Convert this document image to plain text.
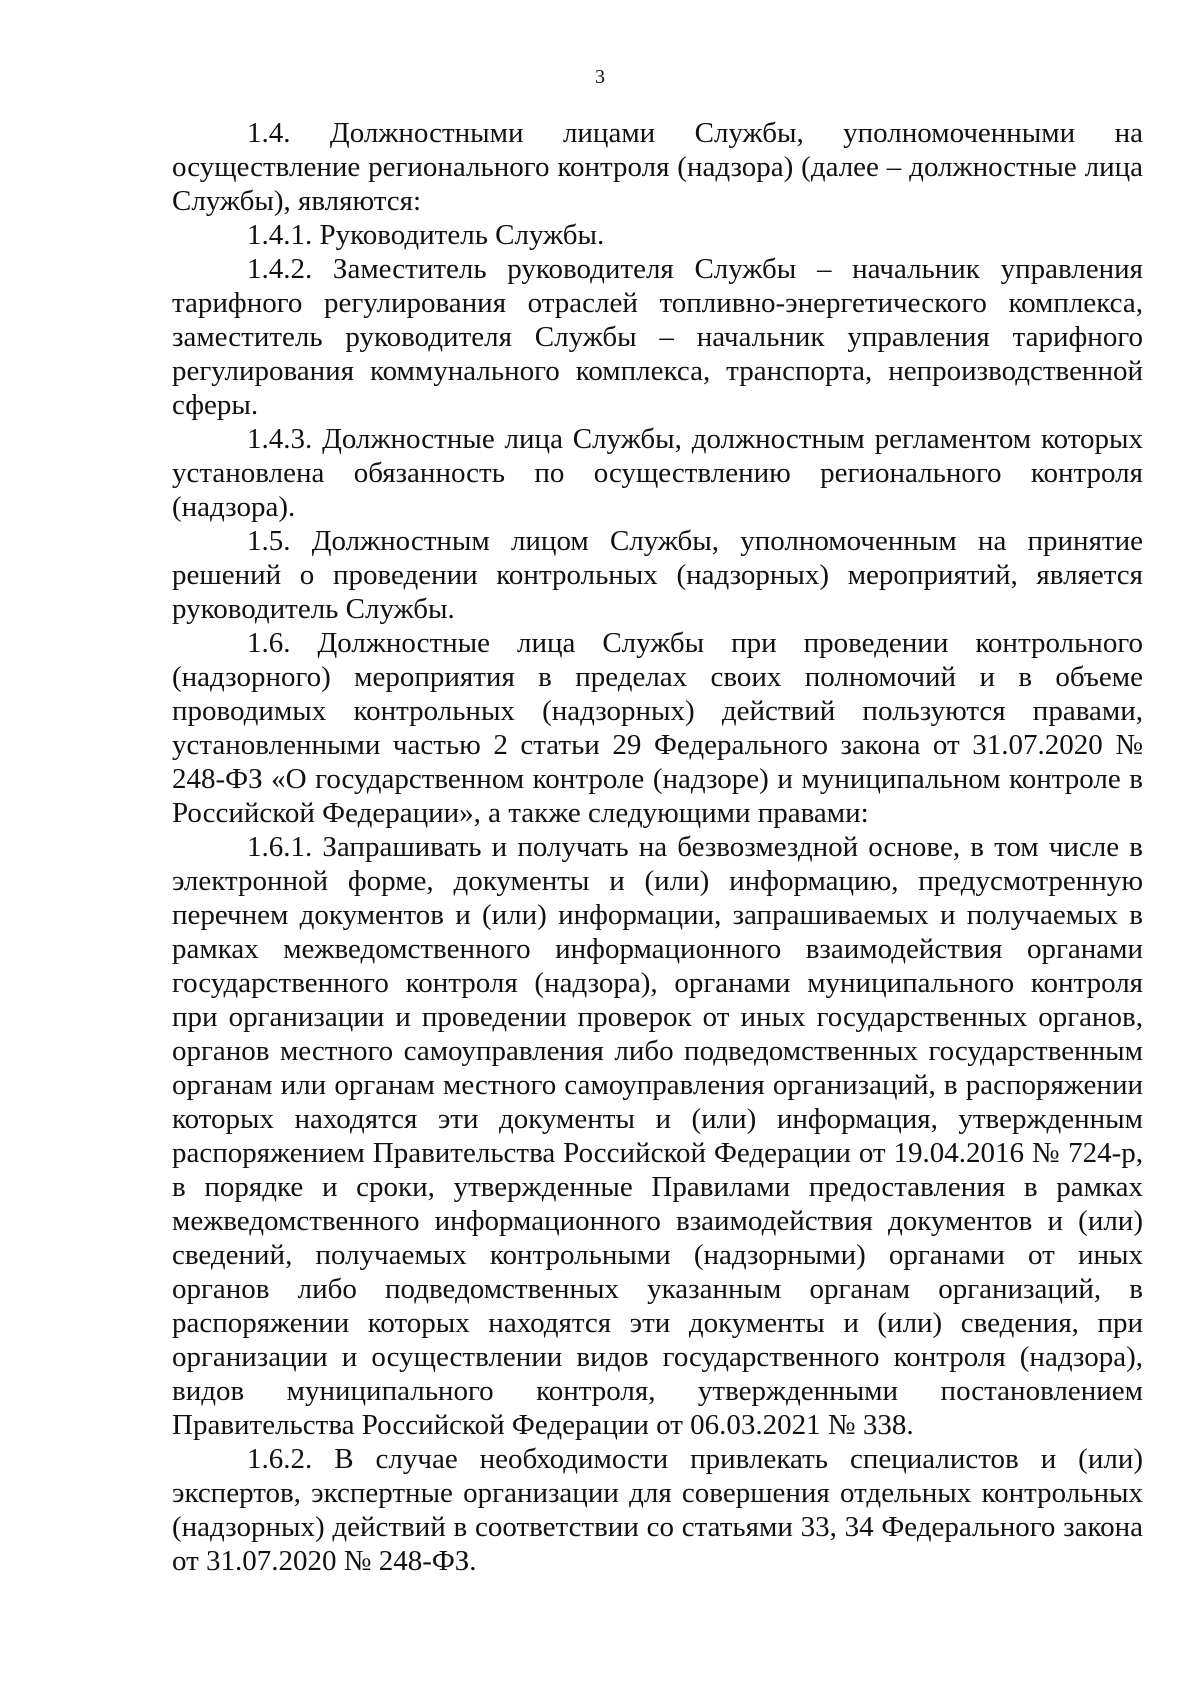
3

1.4. Должностными лицами Службы, уполномоченными на осуществление регионального контроля (надзора) (далее – должностные лица Службы), являются:

1.4.1. Руководитель Службы.

1.4.2. Заместитель руководителя Службы – начальник управления тарифного регулирования отраслей топливно-энергетического комплекса, заместитель руководителя Службы – начальник управления тарифного регулирования коммунального комплекса, транспорта, непроизводственной сферы.

1.4.3. Должностные лица Службы, должностным регламентом которых установлена обязанность по осуществлению регионального контроля (надзора).

1.5. Должностным лицом Службы, уполномоченным на принятие решений о проведении контрольных (надзорных) мероприятий, является руководитель Службы.

1.6. Должностные лица Службы при проведении контрольного (надзорного) мероприятия в пределах своих полномочий и в объеме проводимых контрольных (надзорных) действий пользуются правами, установленными частью 2 статьи 29 Федерального закона от 31.07.2020 № 248-ФЗ «О государственном контроле (надзоре) и муниципальном контроле в Российской Федерации», а также следующими правами:

1.6.1. Запрашивать и получать на безвозмездной основе, в том числе в электронной форме, документы и (или) информацию, предусмотренную перечнем документов и (или) информации, запрашиваемых и получаемых в рамках межведомственного информационного взаимодействия органами государственного контроля (надзора), органами муниципального контроля при организации и проведении проверок от иных государственных органов, органов местного самоуправления либо подведомственных государственным органам или органам местного самоуправления организаций, в распоряжении которых находятся эти документы и (или) информация, утвержденным распоряжением Правительства Российской Федерации от 19.04.2016 № 724-р, в порядке и сроки, утвержденные Правилами предоставления в рамках межведомственного информационного взаимодействия документов и (или) сведений, получаемых контрольными (надзорными) органами от иных органов либо подведомственных указанным органам организаций, в распоряжении которых находятся эти документы и (или) сведения, при организации и осуществлении видов государственного контроля (надзора), видов муниципального контроля, утвержденными постановлением Правительства Российской Федерации от 06.03.2021 № 338.

1.6.2. В случае необходимости привлекать специалистов и (или) экспертов, экспертные организации для совершения отдельных контрольных (надзорных) действий в соответствии со статьями 33, 34 Федерального закона от 31.07.2020 № 248-ФЗ.
